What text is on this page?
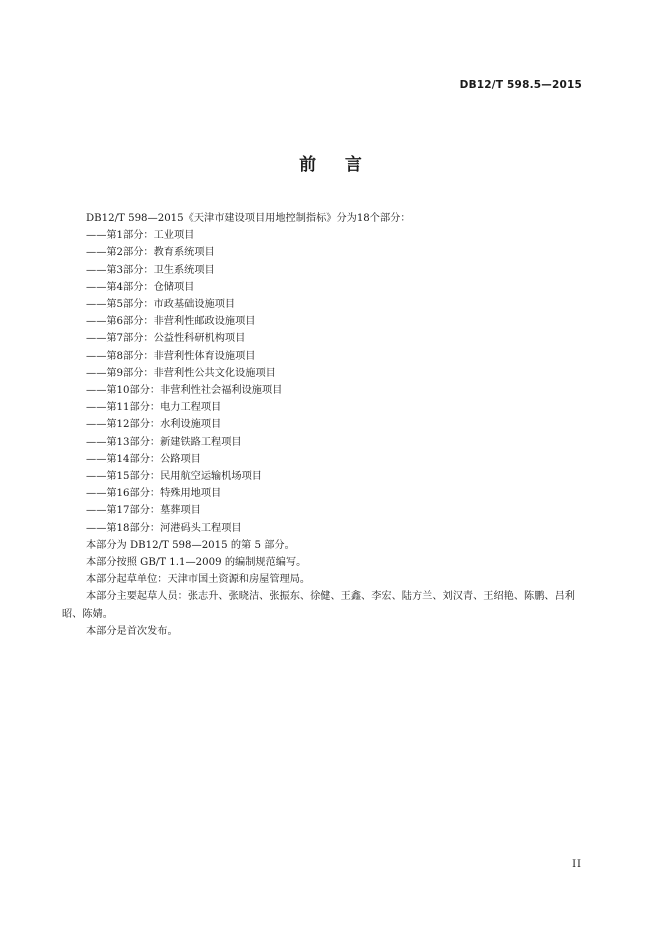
DB12/T 598.5—2015
前    言
DB12/T 598—2015《天津市建设项目用地控制指标》分为18个部分：
——第1部分：工业项目
——第2部分：教育系统项目
——第3部分：卫生系统项目
——第4部分：仓储项目
——第5部分：市政基础设施项目
——第6部分：非营利性邮政设施项目
——第7部分：公益性科研机构项目
——第8部分：非营利性体育设施项目
——第9部分：非营利性公共文化设施项目
——第10部分：非营利性社会福利设施项目
——第11部分：电力工程项目
——第12部分：水利设施项目
——第13部分：新建铁路工程项目
——第14部分：公路项目
——第15部分：民用航空运输机场项目
——第16部分：特殊用地项目
——第17部分：墓葬项目
——第18部分：河港码头工程项目
本部分为 DB12/T 598—2015 的第 5 部分。
本部分按照 GB/T 1.1—2009 的编制规范编写。
本部分起草单位：天津市国土资源和房屋管理局。
本部分主要起草人员：张志升、张晓洁、张振东、徐健、王鑫、李宏、陆方兰、刘汉青、王绍艳、陈鹏、吕利昭、陈婧。
本部分是首次发布。
II
